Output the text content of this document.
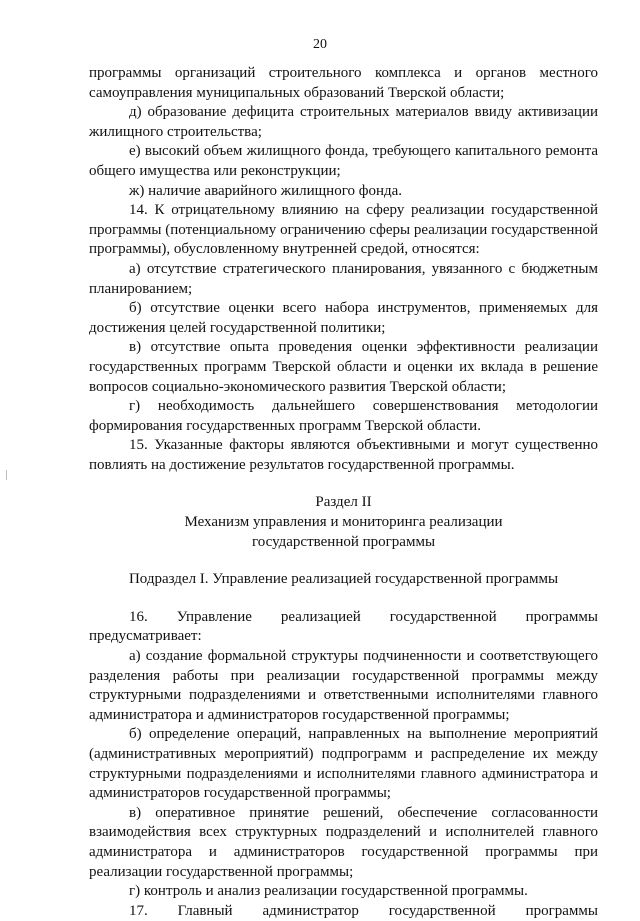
20

программы организаций строительного комплекса и органов местного самоуправления муниципальных образований Тверской области;

д) образование дефицита строительных материалов ввиду активизации жилищного строительства;

е) высокий объем жилищного фонда, требующего капитального ремонта общего имущества или реконструкции;

ж) наличие аварийного жилищного фонда.

14. К отрицательному влиянию на сферу реализации государственной программы (потенциальному ограничению сферы реализации государственной программы), обусловленному внутренней средой, относятся:

а) отсутствие стратегического планирования, увязанного с бюджетным планированием;

б) отсутствие оценки всего набора инструментов, применяемых для достижения целей государственной политики;

в) отсутствие опыта проведения оценки эффективности реализации государственных программ Тверской области и оценки их вклада в решение вопросов социально-экономического развития Тверской области;

г) необходимость дальнейшего совершенствования методологии формирования государственных программ Тверской области.

15. Указанные факторы являются объективными и могут существенно повлиять на достижение результатов государственной программы.

Раздел II

Механизм управления и мониторинга реализации

государственной программы

Подраздел I. Управление реализацией государственной программы

16. Управление реализацией государственной программы предусматривает:

а) создание формальной структуры подчиненности и соответствующего разделения работы при реализации государственной программы между структурными подразделениями и ответственными исполнителями главного администратора и администраторов государственной программы;

б) определение операций, направленных на выполнение мероприятий (административных мероприятий) подпрограмм и распределение их между структурными подразделениями и исполнителями главного администратора и администраторов государственной программы;

в) оперативное принятие решений, обеспечение согласованности взаимодействия всех структурных подразделений и исполнителей главного администратора и администраторов государственной программы при реализации государственной программы;

г) контроль и анализ реализации государственной программы.

17. Главный администратор государственной программы
